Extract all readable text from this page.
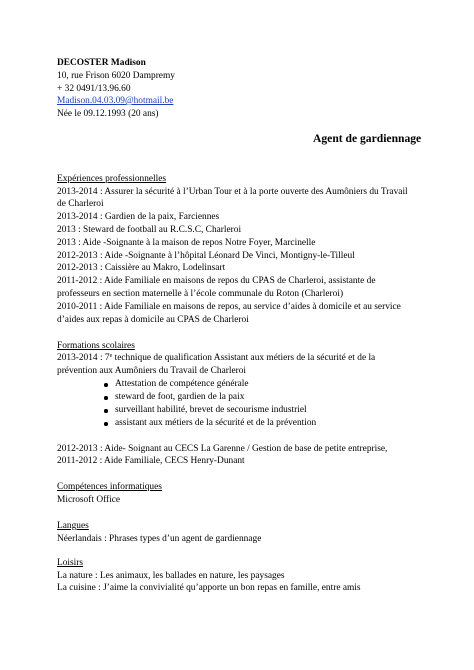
DECOSTER Madison
10, rue Frison 6020 Dampremy
+ 32 0491/13.96.60
Madison.04.03.09@hotmail.be
Née le 09.12.1993 (20 ans)
Agent de gardiennage
Expériences professionnelles
2013-2014 : Assurer la sécurité à l’Urban Tour et à la porte ouverte des Aumôniers du Travail
de Charleroi
2013-2014 : Gardien de la paix, Farciennes
2013 : Steward de football au R.C.S.C, Charleroi
2013 : Aide -Soignante à la maison de repos Notre Foyer, Marcinelle
2012-2013 : Aide -Soignante à l’hôpital Léonard De Vinci, Montigny-le-Tilleul
2012-2013 : Caissière au Makro, Lodelinsart
2011-2012 : Aide Familiale en maisons de repos du CPAS de Charleroi, assistante de
professeurs en section maternelle à l’école communale du Roton (Charleroi)
2010-2011 : Aide Familiale en maisons de repos, au service d’aides à domicile et au service
d’aides aux repas à domicile au CPAS de Charleroi
Formations scolaires
2013-2014 : 7e technique de qualification Assistant aux métiers de la sécurité et de la
prévention aux Aumôniers du Travail de Charleroi
Attestation de compétence générale
steward de foot, gardien de la paix
surveillant habilité, brevet de secourisme industriel
assistant aux métiers de la sécurité et de la prévention
2012-2013 : Aide- Soignant au CECS La Garenne / Gestion de base de petite entreprise,
2011-2012 : Aide Familiale, CECS Henry-Dunant
Compétences informatiques
Microsoft Office
Langues
Néerlandais : Phrases types d’un agent de gardiennage
Loisirs
La nature : Les animaux, les ballades en nature, les paysages
La cuisine : J’aime la convivialité qu’apporte un bon repas en famille, entre amis
